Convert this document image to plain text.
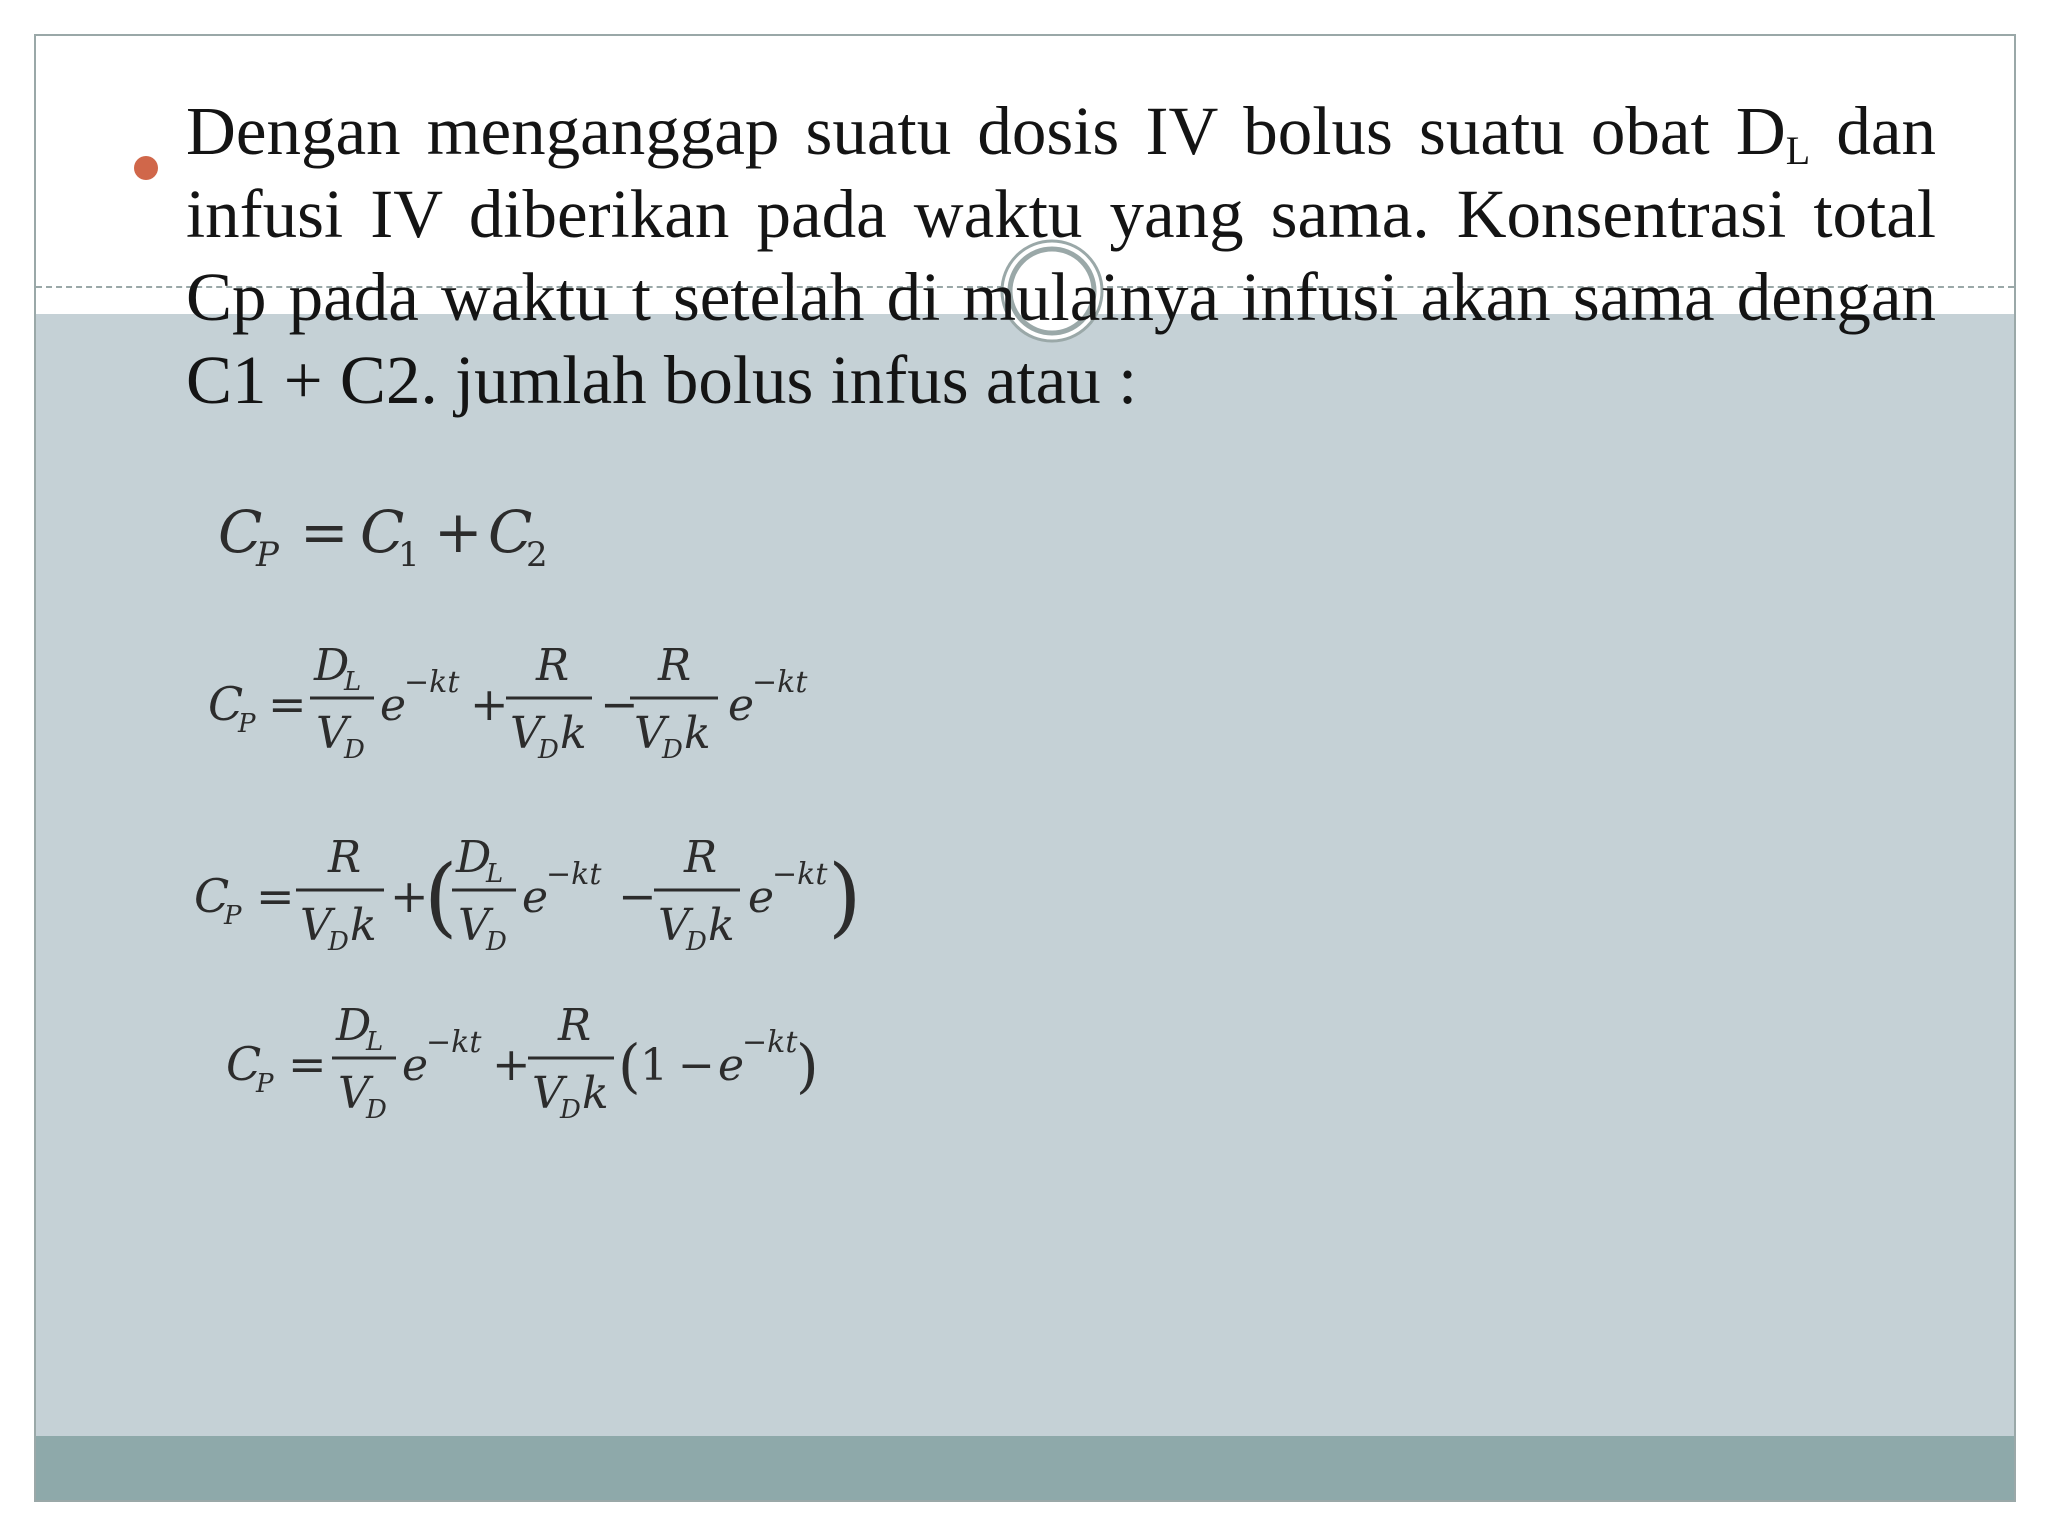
Dengan menganggap suatu dosis IV bolus suatu obat $D_L$ dan infusi IV diberikan pada waktu yang sama. Konsentrasi total Cp pada waktu t setelah di mulainya infusi akan sama dengan C1 + C2. jumlah bolus infus atau :
C
P = C
1 + C
2
C
P =
D
L
V
D
e
−kt +
R
V
D k
−
R
V
D k
e
−kt
C
P =
R
V
D k
+
(
D
L
V
D
e
−kt −
R
V
D k
e
−kt )
C
P =
D
L
V
D
e
−kt +
R
V
D k ( 1 − e
−kt
)
